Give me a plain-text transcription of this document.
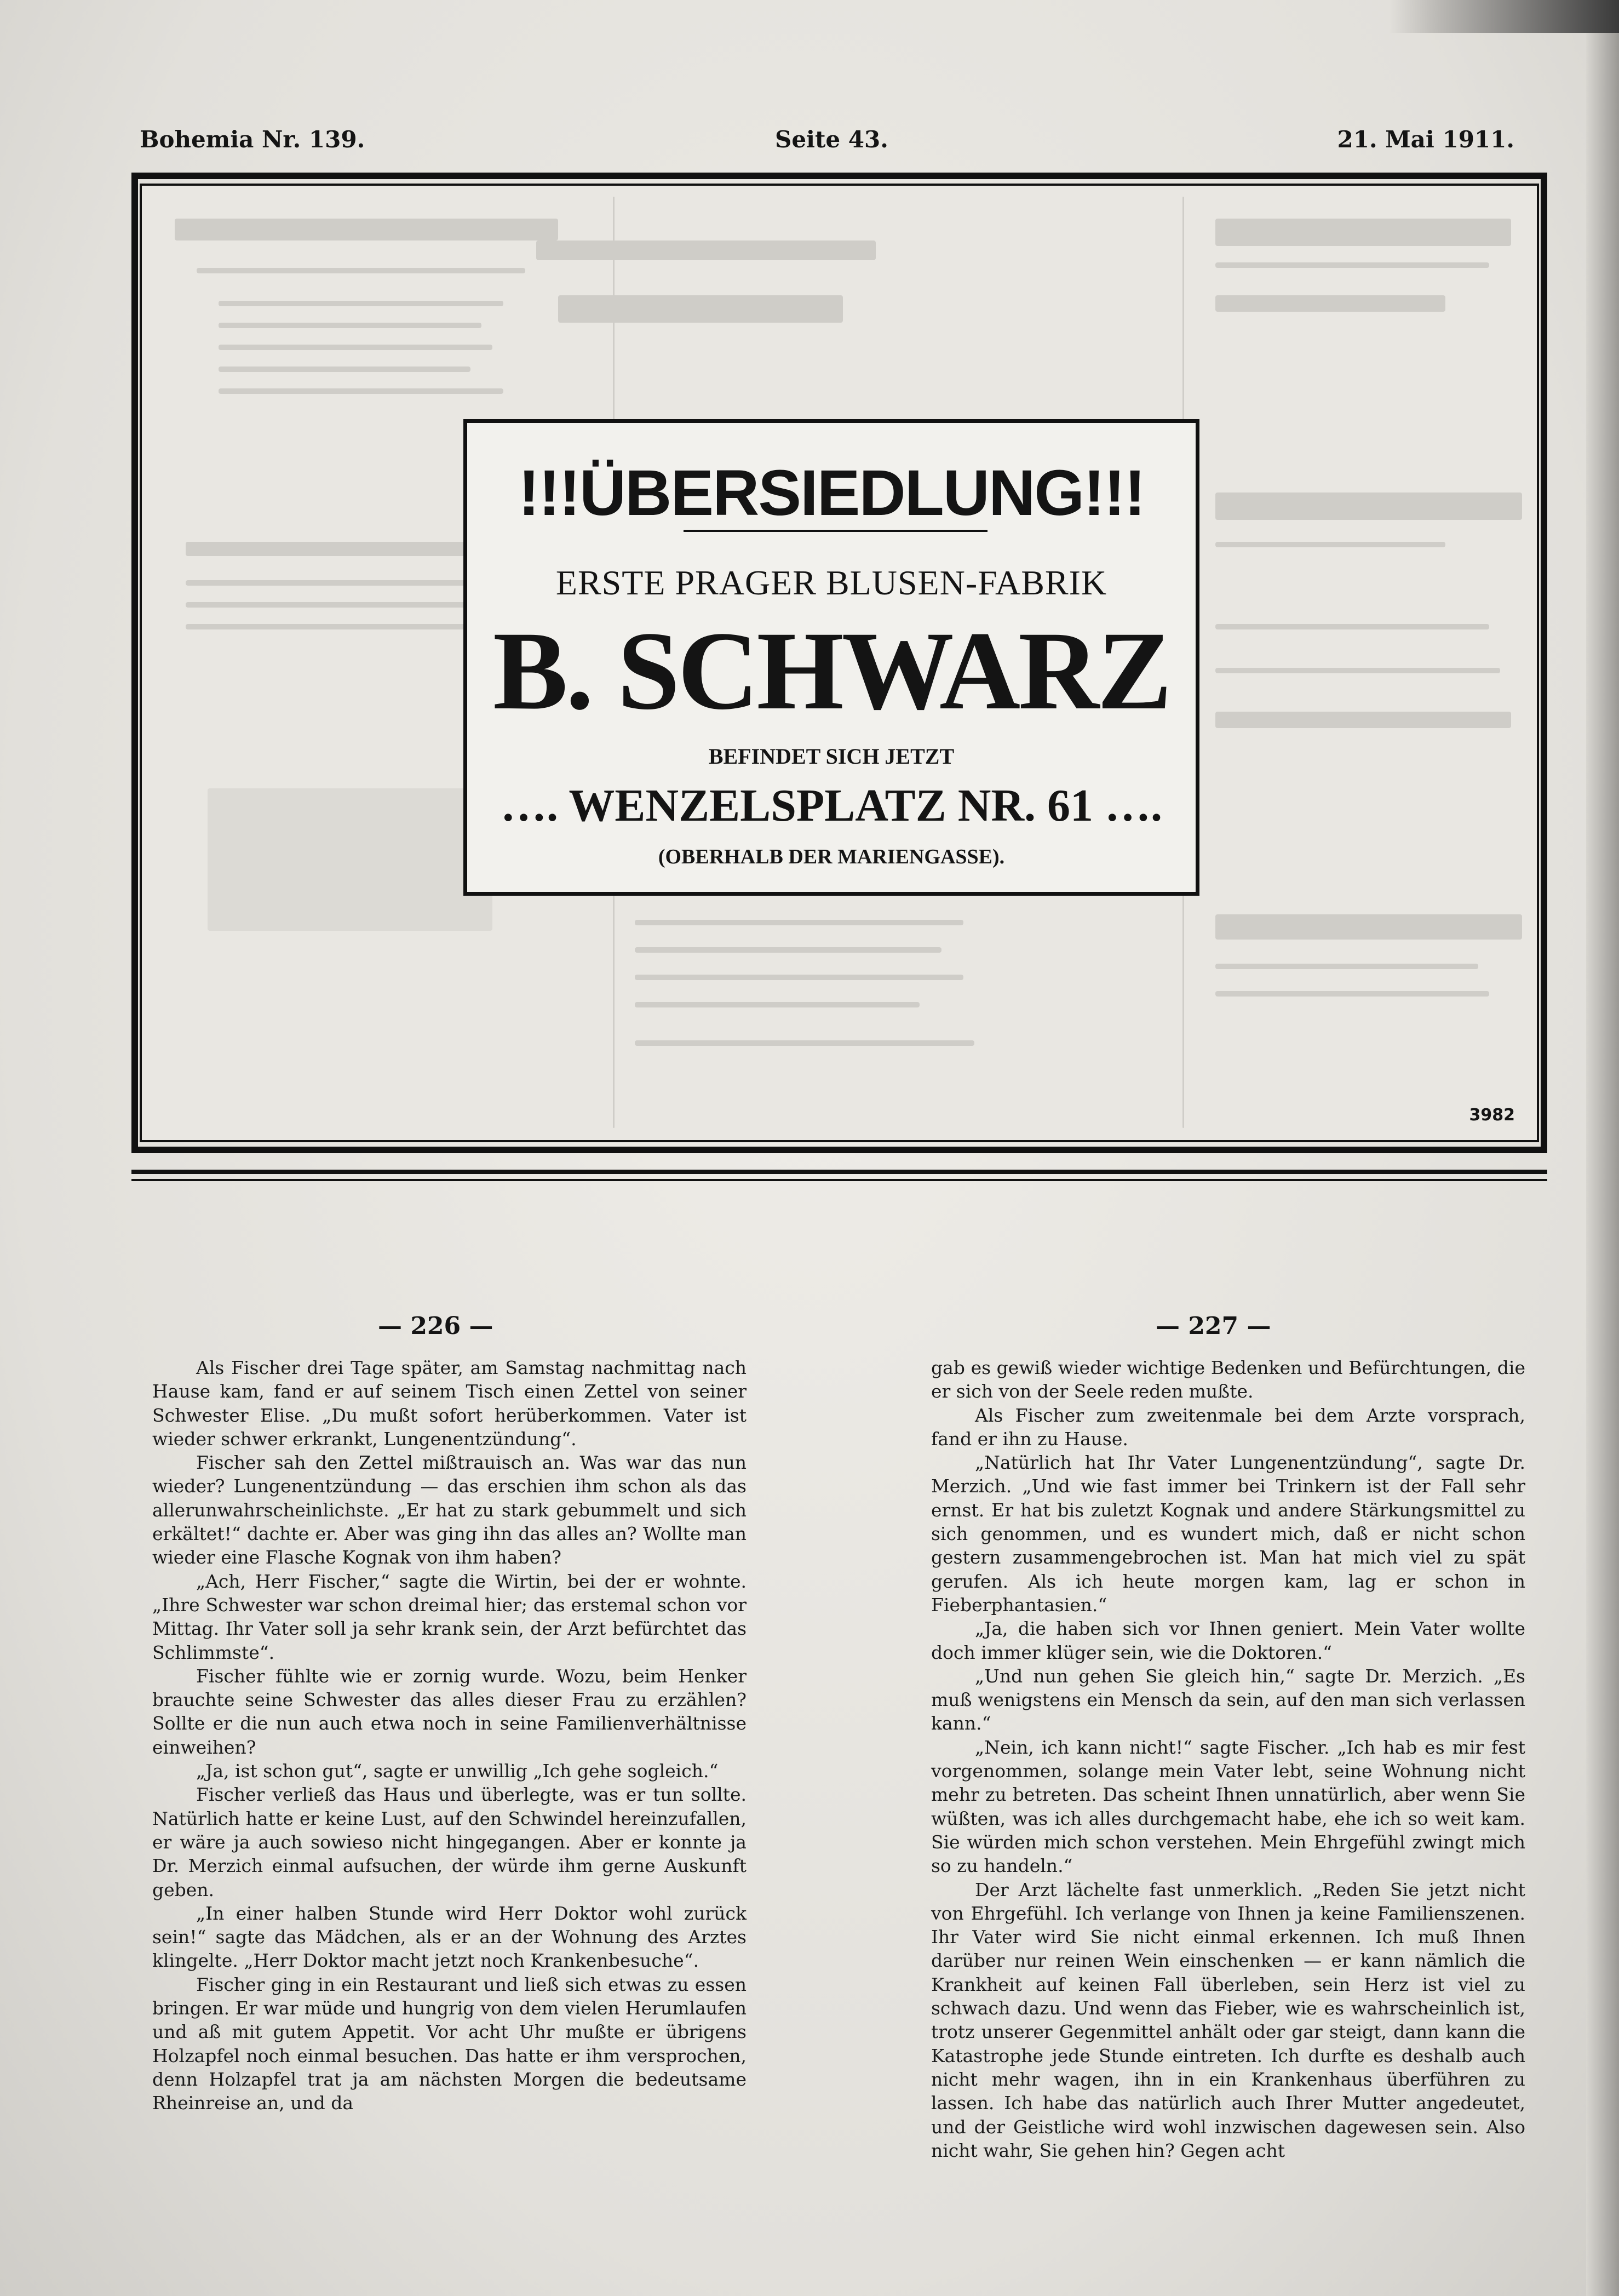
Bohemia Nr. 139.	Seite 43.	21. Mai 1911.
3982
!!!ÜBERSIEDLUNG!!!
ERSTE PRAGER BLUSEN-FABRIK
B. SCHWARZ
BEFINDET SICH JETZT
…. WENZELSPLATZ NR. 61 ….
(OBERHALB DER MARIENGASSE).
— 226 —	— 227 —

Als Fischer drei Tage später, am Samstag nachmittag nach Hause kam, fand er auf seinem Tisch einen Zettel von seiner Schwester Elise. „Du mußt sofort herüberkommen. Vater ist wieder schwer erkrankt, Lungenentzündung“.

Fischer sah den Zettel mißtrauisch an. Was war das nun wieder? Lungenentzündung — das erschien ihm schon als das allerunwahrscheinlichste. „Er hat zu stark gebummelt und sich erkältet!“ dachte er. Aber was ging ihn das alles an? Wollte man wieder eine Flasche Kognak von ihm haben?

„Ach, Herr Fischer,“ sagte die Wirtin, bei der er wohnte. „Ihre Schwester war schon dreimal hier; das erstemal schon vor Mittag. Ihr Vater soll ja sehr krank sein, der Arzt befürchtet das Schlimmste“.

Fischer fühlte wie er zornig wurde. Wozu, beim Henker brauchte seine Schwester das alles dieser Frau zu erzählen? Sollte er die nun auch etwa noch in seine Familienverhältnisse einweihen?

„Ja, ist schon gut“, sagte er unwillig „Ich gehe sogleich.“

Fischer verließ das Haus und überlegte, was er tun sollte. Natürlich hatte er keine Lust, auf den Schwindel hereinzufallen, er wäre ja auch sowieso nicht hingegangen. Aber er konnte ja Dr. Merzich einmal aufsuchen, der würde ihm gerne Auskunft geben.

„In einer halben Stunde wird Herr Doktor wohl zurück sein!“ sagte das Mädchen, als er an der Wohnung des Arztes klingelte. „Herr Doktor macht jetzt noch Krankenbesuche“.

Fischer ging in ein Restaurant und ließ sich etwas zu essen bringen. Er war müde und hungrig von dem vielen Herumlaufen und aß mit gutem Appetit. Vor acht Uhr mußte er übrigens Holzapfel noch einmal besuchen. Das hatte er ihm versprochen, denn Holzapfel trat ja am nächsten Morgen die bedeutsame Rheinreise an, und da

gab es gewiß wieder wichtige Bedenken und Befürchtungen, die er sich von der Seele reden mußte.

Als Fischer zum zweitenmale bei dem Arzte vorsprach, fand er ihn zu Hause.

„Natürlich hat Ihr Vater Lungenentzündung“, sagte Dr. Merzich. „Und wie fast immer bei Trinkern ist der Fall sehr ernst. Er hat bis zuletzt Kognak und andere Stärkungsmittel zu sich genommen, und es wundert mich, daß er nicht schon gestern zusammengebrochen ist. Man hat mich viel zu spät gerufen. Als ich heute morgen kam, lag er schon in Fieberphantasien.“

„Ja, die haben sich vor Ihnen geniert. Mein Vater wollte doch immer klüger sein, wie die Doktoren.“

„Und nun gehen Sie gleich hin,“ sagte Dr. Merzich. „Es muß wenigstens ein Mensch da sein, auf den man sich verlassen kann.“

„Nein, ich kann nicht!“ sagte Fischer. „Ich hab es mir fest vorgenommen, solange mein Vater lebt, seine Wohnung nicht mehr zu betreten. Das scheint Ihnen unnatürlich, aber wenn Sie wüßten, was ich alles durchgemacht habe, ehe ich so weit kam. Sie würden mich schon verstehen. Mein Ehrgefühl zwingt mich so zu handeln.“

Der Arzt lächelte fast unmerklich. „Reden Sie jetzt nicht von Ehrgefühl. Ich verlange von Ihnen ja keine Familienszenen. Ihr Vater wird Sie nicht einmal erkennen. Ich muß Ihnen darüber nur reinen Wein einschenken — er kann nämlich die Krankheit auf keinen Fall überleben, sein Herz ist viel zu schwach dazu. Und wenn das Fieber, wie es wahrscheinlich ist, trotz unserer Gegenmittel anhält oder gar steigt, dann kann die Katastrophe jede Stunde eintreten. Ich durfte es deshalb auch nicht mehr wagen, ihn in ein Krankenhaus überführen zu lassen. Ich habe das natürlich auch Ihrer Mutter angedeutet, und der Geistliche wird wohl inzwischen dagewesen sein. Also nicht wahr, Sie gehen hin? Gegen acht
